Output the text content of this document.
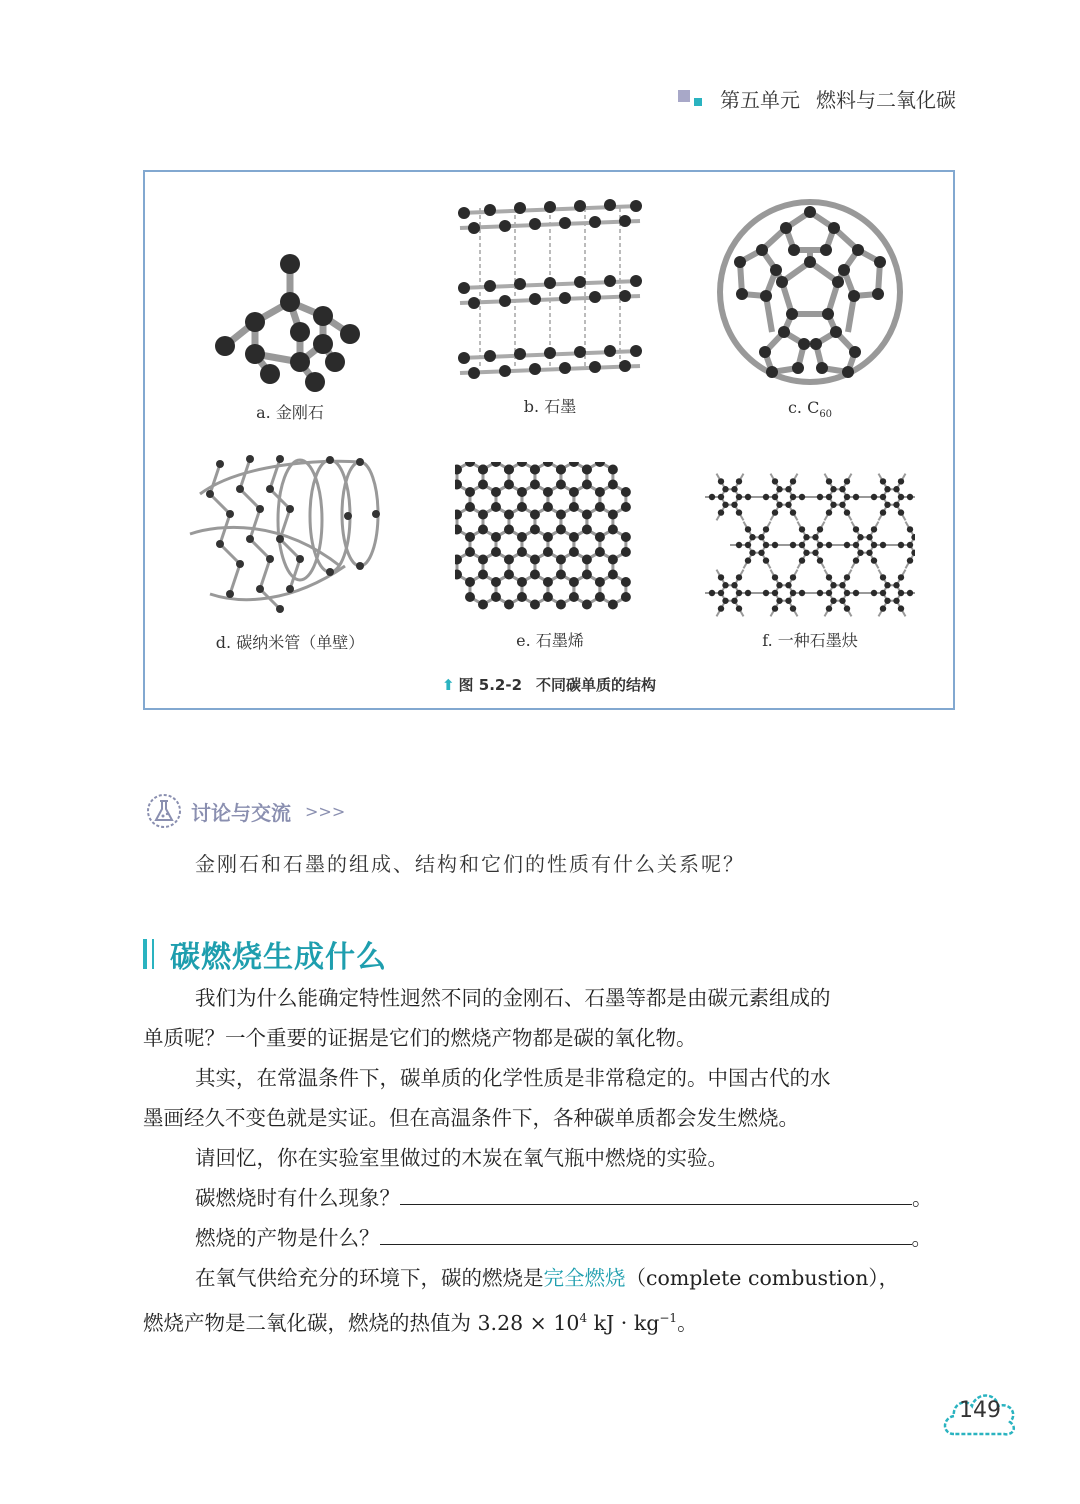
第五单元 燃料与二氧化碳
a. 金刚石	b. 石墨	c. $C_{60}$
d. 碳纳米管（单壁）	e. 石墨烯	f. 一种石墨炔
⬆ 图 5.2-2 不同碳单质的结构
讨论与交流 >>>
金刚石和石墨的组成、结构和它们的性质有什么关系呢？
碳燃烧生成什么
我们为什么能确定特性迥然不同的金刚石、石墨等都是由碳元素组成的
单质呢？一个重要的证据是它们的燃烧产物都是碳的氧化物。
其实，在常温条件下，碳单质的化学性质是非常稳定的。中国古代的水
墨画经久不变色就是实证。但在高温条件下，各种碳单质都会发生燃烧。
请回忆，你在实验室里做过的木炭在氧气瓶中燃烧的实验。
碳燃烧时有什么现象？	。
燃烧的产物是什么？	。
在氧气供给充分的环境下，碳的燃烧是完全燃烧（complete combustion），
燃烧产物是二氧化碳，燃烧的热值为 $3.28 \times 10^4$ kJ · $kg^{-1}$。
149
